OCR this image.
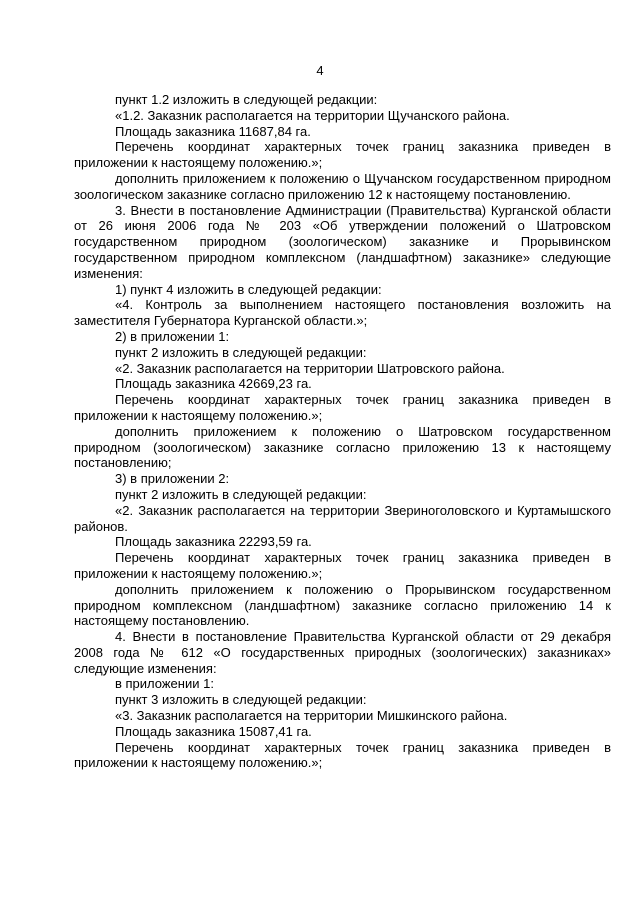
4

пункт 1.2 изложить в следующей редакции:

«1.2. Заказник располагается на территории Щучанского района.

Площадь заказника 11687,84 га.

Перечень координат характерных точек границ заказника приведен в приложении к настоящему положению.»;

дополнить приложением к положению о Щучанском государственном природном зоологическом заказнике согласно приложению 12 к настоящему постановлению.

3. Внести в постановление Администрации (Правительства) Курганской области от 26 июня 2006 года № 203 «Об утверждении положений о Шатровском государственном природном (зоологическом) заказнике и Прорывинском государственном природном комплексном (ландшафтном) заказнике» следующие изменения:

1) пункт 4 изложить в следующей редакции:

«4. Контроль за выполнением настоящего постановления возложить на заместителя Губернатора Курганской области.»;

2) в приложении 1:

пункт 2 изложить в следующей редакции:

«2. Заказник располагается на территории Шатровского района.

Площадь заказника 42669,23 га.

Перечень координат характерных точек границ заказника приведен в приложении к настоящему положению.»;

дополнить приложением к положению о Шатровском государственном природном (зоологическом) заказнике согласно приложению 13 к настоящему постановлению;

3) в приложении 2:

пункт 2 изложить в следующей редакции:

«2. Заказник располагается на территории Звериноголовского и Куртамышского районов.

Площадь заказника 22293,59 га.

Перечень координат характерных точек границ заказника приведен в приложении к настоящему положению.»;

дополнить приложением к положению о Прорывинском государственном природном комплексном (ландшафтном) заказнике согласно приложению 14 к настоящему постановлению.

4. Внести в постановление Правительства Курганской области от 29 декабря 2008 года № 612 «О государственных природных (зоологических) заказниках» следующие изменения:

в приложении 1:

пункт 3 изложить в следующей редакции:

«3. Заказник располагается на территории Мишкинского района.

Площадь заказника 15087,41 га.

Перечень координат характерных точек границ заказника приведен в приложении к настоящему положению.»;
